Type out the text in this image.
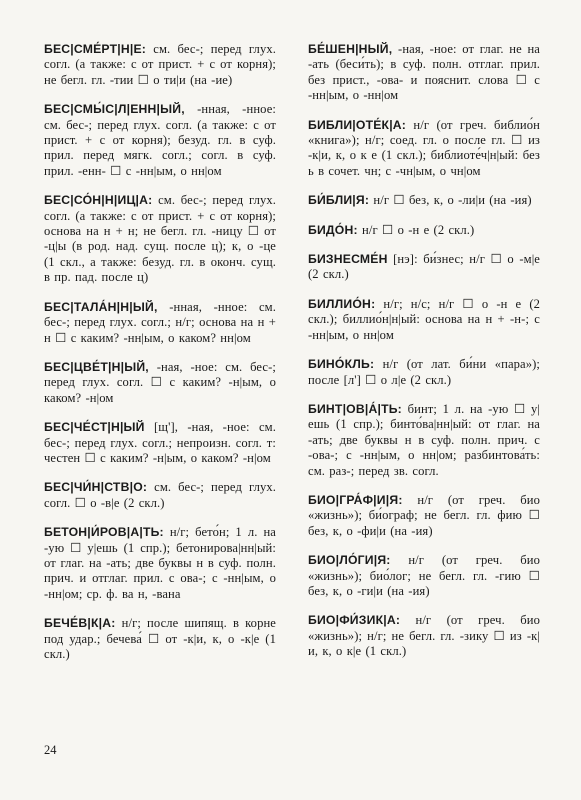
БЕС|СМЕ́РТ|Н|Е: см. бес-; перед глух. согл. (а также: с от прист. + с от корня); не бегл. гл. -тии ☐ о ти|и (на -ие)

БЕС|СМЫ́С|Л|ЕНН|ЫЙ, -нная, -нное: см. бес-; перед глух. согл. (а также: с от прист. + с от корня); безуд. гл. в суф. прил. перед мягк. согл.; согл. в суф. прил. -енн- ☐ с -нн|ым, о нн|ом

БЕС|СО́Н|Н|ИЦ|А: см. бес-; перед глух. согл. (а также: с от прист. + с от корня); основа на н + н; не бегл. гл. -ницу ☐ от -ц|ы (в род. над. сущ. после ц); к, о -це (1 скл., а также: безуд. гл. в оконч. сущ. в пр. пад. после ц)

БЕС|ТАЛА́Н|Н|ЫЙ, -нная, -нное: см. бес-; перед глух. согл.; н/г; основа на н + н ☐ с каким? -нн|ым, о каком? нн|ом

БЕС|ЦВЕ́Т|Н|ЫЙ, -ная, -ное: см. бес-; перед глух. согл. ☐ с каким? -н|ым, о каком? -н|ом

БЕС|ЧЕ́СТ|Н|ЫЙ [щ'], -ная, -ное: см. бес-; перед глух. согл.; непроизн. согл. т: честен ☐ с каким? -н|ым, о каком? -н|ом

БЕС|ЧИ́Н|СТВ|О: см. бес-; перед глух. согл. ☐ о -в|е (2 скл.)

БЕТОН|И́РОВ|А|ТЬ: н/г; бето́н; 1 л. на -ую ☐ у|ешь (1 спр.); бетонирова|нн|ый: от глаг. на -ать; две буквы н в суф. полн. прич. и отглаг. прил. с ова-; с -нн|ым, о -нн|ом; ср. ф. ва н, -вана

БЕЧЕ́В|К|А: н/г; после шипящ. в корне под удар.; бечева́ ☐ от -к|и, к, о -к|е (1 скл.)

БЕ́ШЕН|НЫЙ, -ная, -ное: от глаг. не на -ать (беси́ть); в суф. полн. отглаг. прил. без прист., -ова- и пояснит. слова ☐ с -нн|ым, о -нн|ом

БИБЛИ|ОТЕ́К|А: н/г (от греч. библио́н «книга»); н/г; соед. гл. о после гл. ☐ из -к|и, к, о к е (1 скл.); библиоте́ч|н|ый: без ь в сочет. чн; с -чн|ым, о чн|ом

БИ́БЛИ|Я: н/г ☐ без, к, о -ли|и (на -ия)

БИДО́Н: н/г ☐ о -н е (2 скл.)

БИЗНЕСМЕ́Н [нэ]: би́знес; н/г ☐ о -м|е (2 скл.)

БИЛЛИО́Н: н/г; н/с; н/г ☐ о -н е (2 скл.); биллио́н|н|ый: основа на н + -н-; с -нн|ым, о нн|ом

БИНО́КЛЬ: н/г (от лат. би́ни «пара»); после [л'] ☐ о л|е (2 скл.)

БИНТ|ОВ|А́|ТЬ: бинт; 1 л. на -ую ☐ у|ешь (1 спр.); бинто́ва|нн|ый: от глаг. на -ать; две буквы н в суф. полн. прич. с -ова-; с -нн|ым, о нн|ом; разбинтова́ть: см. раз-; перед зв. согл.

БИО|ГРА́Ф|И|Я: н/г (от греч. био «жизнь»); би́ограф; не бегл. гл. фию ☐ без, к, о -фи|и (на -ия)

БИО|ЛО́ГИ|Я: н/г (от греч. био «жизнь»); био́лог; не бегл. гл. -гию ☐ без, к, о -ги|и (на -ия)

БИО|ФИ́ЗИК|А: н/г (от греч. био «жизнь»); н/г; не бегл. гл. -зику ☐ из -к|и, к, о к|е (1 скл.)

24
